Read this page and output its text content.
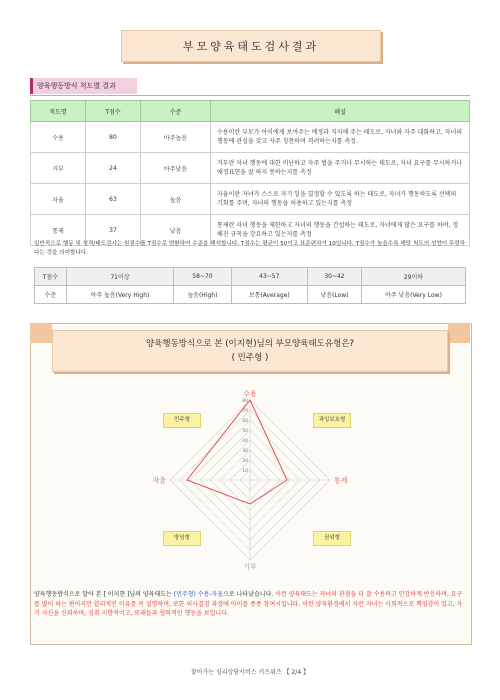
부모양육태도검사결과
양육행동방식 척도별 결과
척도명	T점수	수준	해설
수용	80	아주높음	수용이란 부모가 아이에게 보여주는 애정과 지지해 주는 태도로, 자녀와 자주 대화하고, 자녀의 행동에 관심을 갖고 자주 칭찬하며 격려하는지를 측정.
거부	24	아주낮음	거부란 자녀 행동에 대한 비난하고 자주 벌을 주거나 무시하는 태도로, 자녀 요구를 무시하거나 애정표현을 잘 하지 못하는지를 측정
자율	63	높음	자율이란 자녀가 스스로 자기 일을 결정할 수 있도록 하는 태도로, 자녀가 행동하도록 선택의 기회를 주며, 자녀의 행동을 허용하고 있는지를 측정
통제	37	낮음	통제란 자녀 행동을 제한하고 자녀의 행동을 간섭하는 태도로, 자녀에게 많은 요구를 하며, 정해진 규칙을 강요하고 있는지를 측정
일반적으로 행동 및 성격/태도검사는 원점수를 T점수로 변환하여 수준을 해석합니다. T점수는 평균이 50이고 표준편차가 10입니다. T점수가 높을수록 해당 척도의 성향이 뚜렷하다는 것을 의미합니다.
T점수	71이상	58~70	43~57	30~42	29이하
수준	아주 높음(Very High)	높음(High)	보통(Average)	낮음(Low)	아주 낮음(Very Low)
양육행동방식으로 본 (이지현)님의 부모양육태도유형은?
( 민주형 )
10
20
30
40
50
60
70
80
수용
통제
거부
자율
민주형	과잉보호형
방임형	권위형
양육행동방식으로 알아 본 [ 이지현 ]님의 양육태도는 (민주형) 수용-자율으로 나타났습니다. 이런 양육태도는 자녀의 관점을 더 잘 수용하고 민감하게 반응하며, 요구를 많이 하는 편이지만 합리적인 이유를 꼭 설명하며, 또한 의사결정 과정에 아이를 종종 참여시킵니다. 이런 양육환경에서 자란 자녀는 사회적으로 책임감이 있고, 자기 자신을 신뢰하며, 성취 지향적이고, 또래들과 협력적인 행동을 보입니다.
찾아가는 심리상담서비스 키즈위즈 【 2/4 】
